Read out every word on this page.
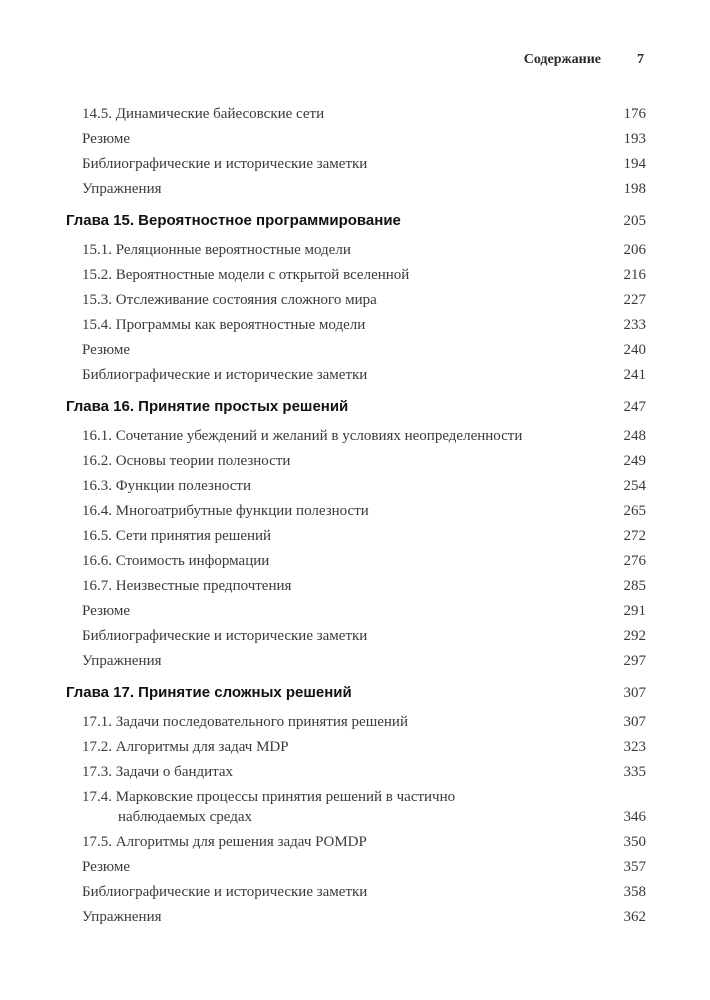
Содержание	7
14.5. Динамические байесовские сети	176
Резюме	193
Библиографические и исторические заметки	194
Упражнения	198
Глава 15. Вероятностное программирование	205
15.1. Реляционные вероятностные модели	206
15.2. Вероятностные модели с открытой вселенной	216
15.3. Отслеживание состояния сложного мира	227
15.4. Программы как вероятностные модели	233
Резюме	240
Библиографические и исторические заметки	241
Глава 16. Принятие простых решений	247
16.1. Сочетание убеждений и желаний в условиях неопределенности	248
16.2. Основы теории полезности	249
16.3. Функции полезности	254
16.4. Многоатрибутные функции полезности	265
16.5. Сети принятия решений	272
16.6. Стоимость информации	276
16.7. Неизвестные предпочтения	285
Резюме	291
Библиографические и исторические заметки	292
Упражнения	297
Глава 17. Принятие сложных решений	307
17.1. Задачи последовательного принятия решений	307
17.2. Алгоритмы для задач MDP	323
17.3. Задачи о бандитах	335
17.4. Марковские процессы принятия решений в частично
наблюдаемых средах	346
17.5. Алгоритмы для решения задач POMDP	350
Резюме	357
Библиографические и исторические заметки	358
Упражнения	362
